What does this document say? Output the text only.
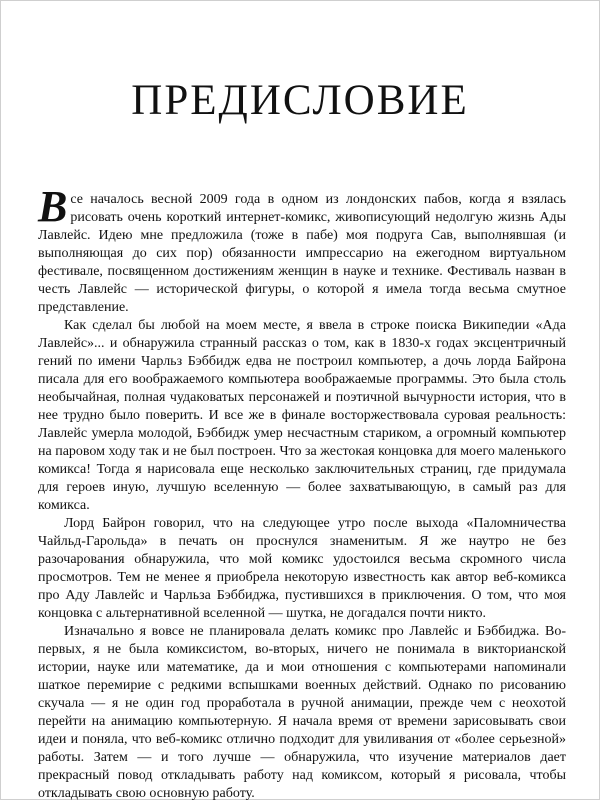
ПРЕДИСЛОВИЕ

Все началось весной 2009 года в одном из лондонских пабов, когда я взялась рисовать очень короткий интернет-комикс, живописующий недолгую жизнь Ады Лавлейс. Идею мне предложила (тоже в пабе) моя подруга Сав, выполнявшая (и выполняющая до сих пор) обязанности импрессарио на ежегодном виртуальном фестивале, посвященном достижениям женщин в науке и технике. Фестиваль назван в честь Лавлейс — исторической фигуры, о которой я имела тогда весьма смутное представление.

Как сделал бы любой на моем месте, я ввела в строке поиска Википедии «Ада Лавлейс»... и обнаружила странный рассказ о том, как в 1830-х годах эксцентричный гений по имени Чарльз Бэббидж едва не построил компьютер, а дочь лорда Байрона писала для его воображаемого компьютера воображаемые программы. Это была столь необычайная, полная чудаковатых персонажей и поэтичной вычурности история, что в нее трудно было поверить. И все же в финале восторжествовала суровая реальность: Лавлейс умерла молодой, Бэббидж умер несчастным стариком, а огромный компьютер на паровом ходу так и не был построен. Что за жестокая концовка для моего маленького комикса! Тогда я нарисовала еще несколько заключительных страниц, где придумала для героев иную, лучшую вселенную — более захватывающую, в самый раз для комикса.

Лорд Байрон говорил, что на следующее утро после выхода «Паломничества Чайльд-Гарольда» в печать он проснулся знаменитым. Я же наутро не без разочарования обнаружила, что мой комикс удостоился весьма скромного числа просмотров. Тем не менее я приобрела некоторую известность как автор веб-комикса про Аду Лавлейс и Чарльза Бэббиджа, пустившихся в приключения. О том, что моя концовка с альтернативной вселенной — шутка, не догадался почти никто.

Изначально я вовсе не планировала делать комикс про Лавлейс и Бэббиджа. Во-первых, я не была комиксистом, во-вторых, ничего не понимала в викторианской истории, науке или математике, да и мои отношения с компьютерами напоминали шаткое перемирие с редкими вспышками военных действий. Однако по рисованию скучала — я не один год проработала в ручной анимации, прежде чем с неохотой перейти на анимацию компьютерную. Я начала время от времени зарисовывать свои идеи и поняла, что веб-комикс отлично подходит для увиливания от «более серьезной» работы. Затем — и того лучше — обнаружила, что изучение материалов дает прекрасный повод откладывать работу над комиксом, который я рисовала, чтобы откладывать свою основную работу.
